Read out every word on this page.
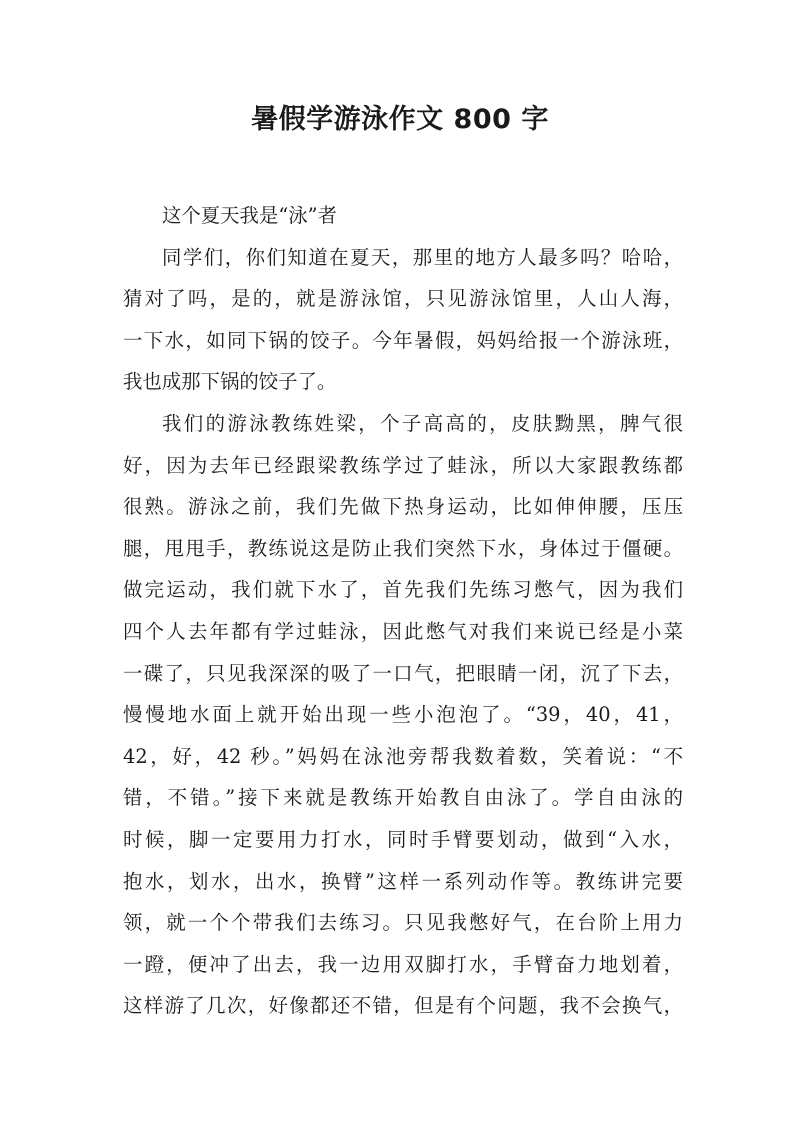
暑假学游泳作文 800 字
这个夏天我是“泳”者
同学们，你们知道在夏天，那里的地方人最多吗？哈哈，
猜对了吗，是的，就是游泳馆，只见游泳馆里，人山人海，
一下水，如同下锅的饺子。今年暑假，妈妈给报一个游泳班，
我也成那下锅的饺子了。
我们的游泳教练姓梁，个子高高的，皮肤黝黑，脾气很
好，因为去年已经跟梁教练学过了蛙泳，所以大家跟教练都
很熟。游泳之前，我们先做下热身运动，比如伸伸腰，压压
腿，甩甩手，教练说这是防止我们突然下水，身体过于僵硬。
做完运动，我们就下水了，首先我们先练习憋气，因为我们
四个人去年都有学过蛙泳，因此憋气对我们来说已经是小菜
一碟了，只见我深深的吸了一口气，把眼睛一闭，沉了下去，
慢慢地水面上就开始出现一些小泡泡了。“39，40，41，
42，好，42 秒。”妈妈在泳池旁帮我数着数，笑着说：“不
错，不错。”接下来就是教练开始教自由泳了。学自由泳的
时候，脚一定要用力打水，同时手臂要划动，做到“入水，
抱水，划水，出水，换臂”这样一系列动作等。教练讲完要
领，就一个个带我们去练习。只见我憋好气，在台阶上用力
一蹬，便冲了出去，我一边用双脚打水，手臂奋力地划着，
这样游了几次，好像都还不错，但是有个问题，我不会换气，
